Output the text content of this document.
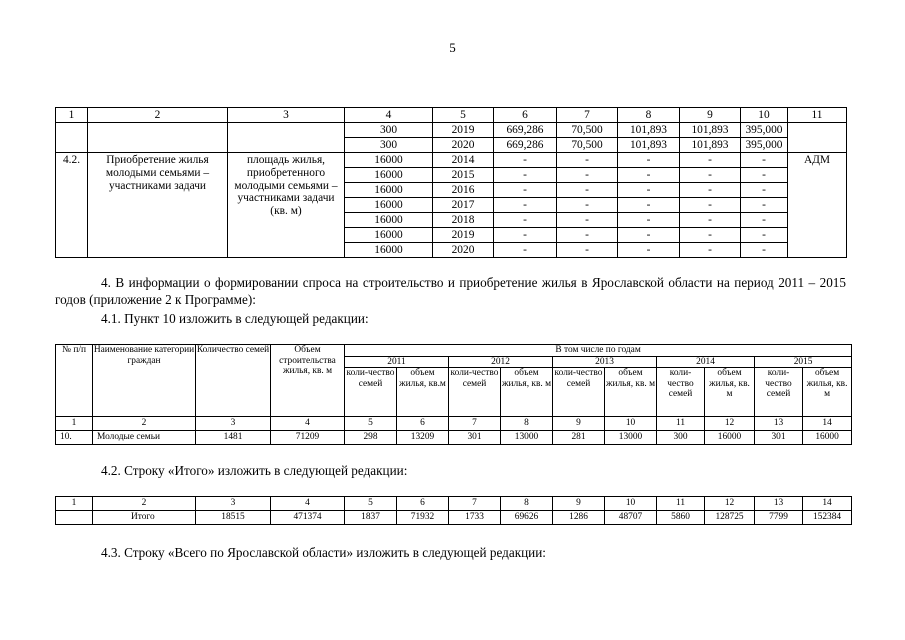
5
1	2	3	4	5	6	7	8	9	10	11
			300	2019	669,286	70,500	101,893	101,893	395,000	
			300	2020	669,286	70,500	101,893	101,893	395,000	
4.2.	Приобретение жилья молодыми семьями – участниками задачи	площадь жилья, приобретенного молодыми семьями – участниками задачи (кв. м)	16000	2014	-	-	-	-	-	АДМ
			16000	2015	-	-	-	-	-	
			16000	2016	-	-	-	-	-	
			16000	2017	-	-	-	-	-	
			16000	2018	-	-	-	-	-	
			16000	2019	-	-	-	-	-	
			16000	2020	-	-	-	-	-	
4. В информации о формировании спроса на строительство и приобретение жилья в Ярославской области на период 2011 – 2015 годов (приложение 2 к Программе):
4.1. Пункт 10 изложить в следующей редакции:
№ п/п	Наименование категории граждан	Количество семей	Объем строительства жилья, кв. м	В том числе по годам									
				2011		2012		2013		2014		2015	
				коли-чество семей	объем жилья, кв.м	коли-чество семей	объем жилья, кв. м	коли-чество семей	объем жилья, кв. м	коли-чество семей	объем жилья, кв. м	коли-чество семей	объем жилья, кв. м
1	2	3	4	5	6	7	8	9	10	11	12	13	14
10.	Молодые семьи	1481	71209	298	13209	301	13000	281	13000	300	16000	301	16000
4.2. Строку «Итого» изложить в следующей редакции:
1	2	3	4	5	6	7	8	9	10	11	12	13	14
	Итого	18515	471374	1837	71932	1733	69626	1286	48707	5860	128725	7799	152384
4.3. Строку «Всего по Ярославской области» изложить в следующей редакции:
